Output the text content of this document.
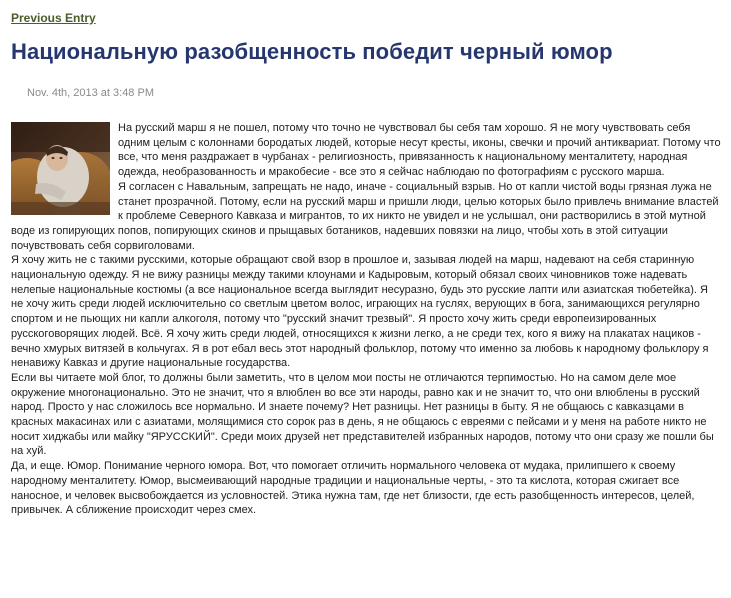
Previous Entry
Национальную разобщенность победит черный юмор
Nov. 4th, 2013 at 3:48 PM

На русский марш я не пошел, потому что точно не чувствовал бы себя там хорошо. Я не могу чувствовать себя одним целым с колоннами бородатых людей, которые несут кресты, иконы, свечки и прочий антиквариат. Потому что все, что меня раздражает в чурбанах - религиозность, привязанность к национальному менталитету, народная одежда, необразованность и мракобесие - все это я сейчас наблюдаю по фотографиям с русского марша.

Я согласен с Навальным, запрещать не надо, иначе - социальный взрыв. Но от капли чистой воды грязная лужа не станет прозрачной. Потому, если на русский марш и пришли люди, целью которых было привлечь внимание властей к проблеме Северного Кавказа и мигрантов, то их никто не увидел и не услышал, они растворились в этой мутной воде из гопирующих попов, попирующих скинов и прыщавых ботаников, надевших повязки на лицо, чтобы хоть в этой ситуации почувствовать себя сорвиголовами.

Я хочу жить не с такими русскими, которые обращают свой взор в прошлое и, зазывая людей на марш, надевают на себя старинную национальную одежду. Я не вижу разницы между такими клоунами и Кадыровым, который обязал своих чиновников тоже надевать нелепые национальные костюмы (а все национальное всегда выглядит несуразно, будь это русские лапти или азиатская тюбетейка). Я не хочу жить среди людей исключительно со светлым цветом волос, играющих на гуслях, верующих в бога, занимающихся регулярно спортом и не пьющих ни капли алкоголя, потому что "русский значит трезвый". Я просто хочу жить среди европеизированных русскоговорящих людей. Всё. Я хочу жить среди людей, относящихся к жизни легко, а не среди тех, кого я вижу на плакатах нациков - вечно хмурых витязей в кольчугах. Я в рот ебал весь этот народный фольклор, потому что именно за любовь к народному фольклору я ненавижу Кавказ и другие национальные государства.

Если вы читаете мой блог, то должны были заметить, что в целом мои посты не отличаются терпимостью. Но на самом деле мое окружение многонационально. Это не значит, что я влюблен во все эти народы, равно как и не значит то, что они влюблены в русский народ. Просто у нас сложилось все нормально. И знаете почему? Нет разницы. Нет разницы в быту. Я не общаюсь с кавказцами в красных макасинах или с азиатами, молящимися сто сорок раз в день, я не общаюсь с евреями с пейсами и у меня на работе никто не носит хиджабы или майку "ЯРУССКИЙ". Среди моих друзей нет представителей избранных народов, потому что они сразу же пошли бы на хуй.

Да, и еще. Юмор. Понимание черного юмора. Вот, что помогает отличить нормального человека от мудака, прилипшего к своему народному менталитету. Юмор, высмеивающий народные традиции и национальные черты, - это та кислота, которая сжигает все наносное, и человек высвобождается из условностей. Этика нужна там, где нет близости, где есть разобщенность интересов, целей, привычек. А сближение происходит через смех.
